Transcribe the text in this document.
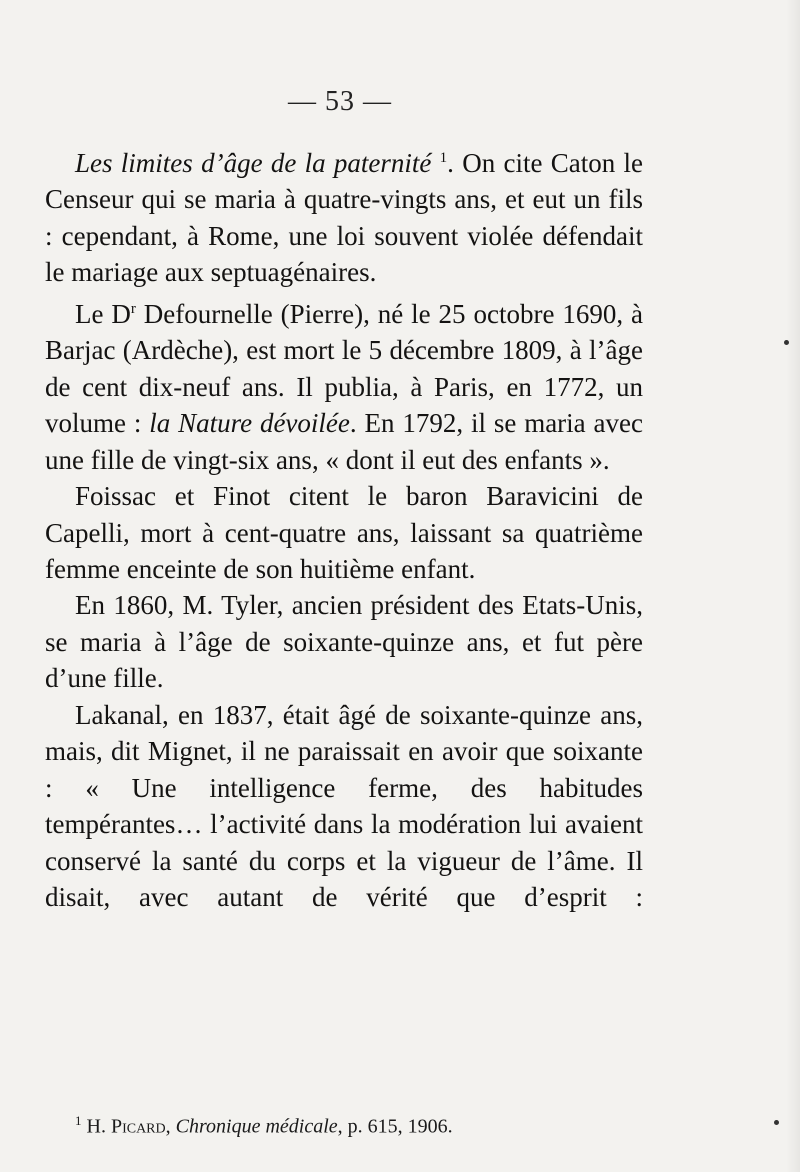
— 53 —

Les limites d’âge de la paternité $^1$. On cite Caton le Censeur qui se maria à quatre-vingts ans, et eut un fils : cependant, à Rome, une loi souvent violée défendait le mariage aux septuagénaires.

Le $D^r$ Defournelle (Pierre), né le 25 octobre 1690, à Barjac (Ardèche), est mort le 5 décembre 1809, à l’âge de cent dix-neuf ans. Il publia, à Paris, en 1772, un volume : la Nature dévoilée. En 1792, il se maria avec une fille de vingt-six ans, « dont il eut des enfants ».

Foissac et Finot citent le baron Baravicini de Capelli, mort à cent-quatre ans, laissant sa quatrième femme enceinte de son huitième enfant.

En 1860, M. Tyler, ancien président des Etats-Unis, se maria à l’âge de soixante-quinze ans, et fut père d’une fille.

Lakanal, en 1837, était âgé de soixante-quinze ans, mais, dit Mignet, il ne paraissait en avoir que soixante : « Une intelligence ferme, des habitudes tempérantes… l’activité dans la modération lui avaient conservé la santé du corps et la vigueur de l’âme. Il disait, avec autant de vérité que d’esprit :

$^1$ H. Picard, Chronique médicale, p. 615, 1906.
